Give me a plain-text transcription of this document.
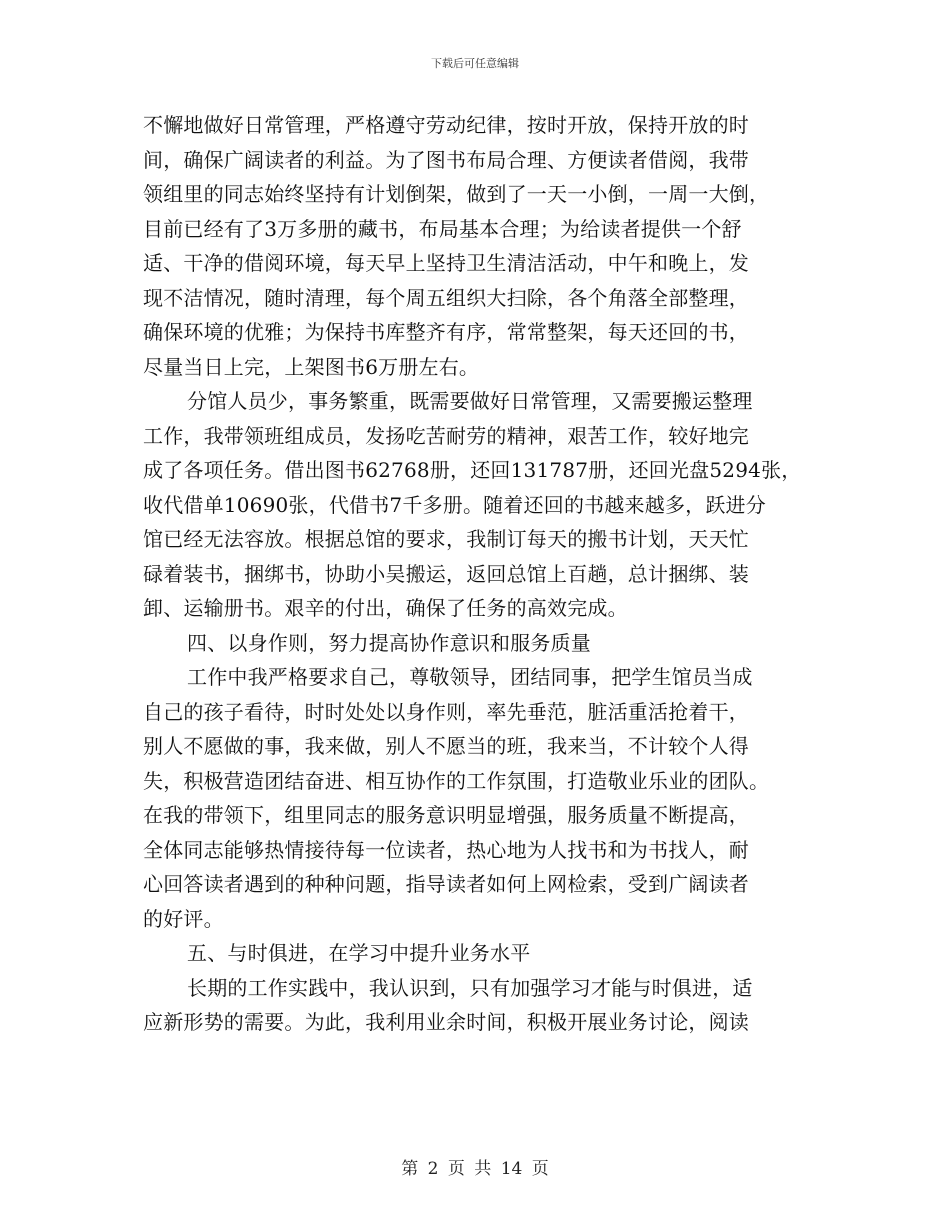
下载后可任意编辑
不懈地做好日常管理，严格遵守劳动纪律，按时开放，保持开放的时
间，确保广阔读者的利益。为了图书布局合理、方便读者借阅，我带
领组里的同志始终坚持有计划倒架，做到了一天一小倒，一周一大倒，
目前已经有了3万多册的藏书，布局基本合理；为给读者提供一个舒
适、干净的借阅环境，每天早上坚持卫生清洁活动，中午和晚上，发
现不洁情况，随时清理，每个周五组织大扫除，各个角落全部整理，
确保环境的优雅；为保持书库整齐有序，常常整架，每天还回的书，
尽量当日上完，上架图书6万册左右。
分馆人员少，事务繁重，既需要做好日常管理，又需要搬运整理
工作，我带领班组成员，发扬吃苦耐劳的精神，艰苦工作，较好地完
成了各项任务。借出图书62768册，还回131787册，还回光盘5294张，
收代借单10690张，代借书7千多册。随着还回的书越来越多，跃进分
馆已经无法容放。根据总馆的要求，我制订每天的搬书计划，天天忙
碌着装书，捆绑书，协助小吴搬运，返回总馆上百趟，总计捆绑、装
卸、运输册书。艰辛的付出，确保了任务的高效完成。
四、以身作则，努力提高协作意识和服务质量
工作中我严格要求自己，尊敬领导，团结同事，把学生馆员当成
自己的孩子看待，时时处处以身作则，率先垂范，脏活重活抢着干，
别人不愿做的事，我来做，别人不愿当的班，我来当，不计较个人得
失，积极营造团结奋进、相互协作的工作氛围，打造敬业乐业的团队。
在我的带领下，组里同志的服务意识明显增强，服务质量不断提高，
全体同志能够热情接待每一位读者，热心地为人找书和为书找人，耐
心回答读者遇到的种种问题，指导读者如何上网检索，受到广阔读者
的好评。
五、与时俱进，在学习中提升业务水平
长期的工作实践中，我认识到，只有加强学习才能与时俱进，适
应新形势的需要。为此，我利用业余时间，积极开展业务讨论，阅读
第 2 页 共 14 页
